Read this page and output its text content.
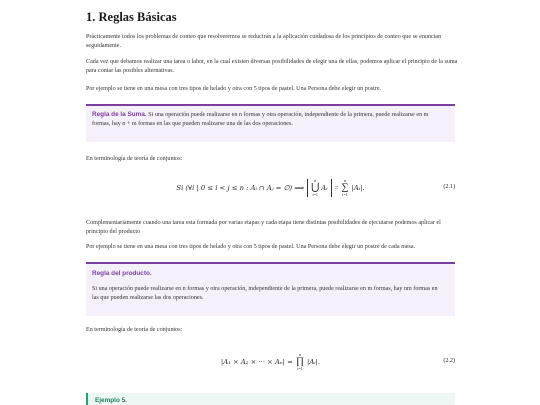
1. Reglas Básicas
Prácticamente todos los problemas de conteo que resolveremos se reducirán a la aplicación cuidadosa de los principios de conteo que se enuncian seguidamente.
Cada vez que debamos realizar una tarea o labor, en la cual existen diversas posibilidades de elegir una de ellas, podemos aplicar el principio de la suma para contar las posibles alternativas.
Por ejemplo se tiene en una mesa con tres tipos de helado y otra con 5 tipos de pastel. Una Persona debe elegir un postre.
Regla de la Suma. Si una operación puede realizarse en n formas y otra operación, independiente de la primera, puede realizarse en m formas, hay n + m formas en las que pueden realizarse una de las dos operaciones.
En terminología de teoría de conjuntos:
Si (∀i | 0 ≤ i < j ≤ n : Aᵢ ∩ Aⱼ = ∅) ⟹
n
⋃
i=1
Aᵢ =
n
∑
i=1
|Aᵢ|.	(2.1)
Complementariamente cuando una tarea esta formada por varias etapas y cada etapa tiene distintas posibilidades de ejecutarse podemos aplicar el principio del producto
Por ejemplo se tiene en una mesa con tres tipos de helado y otra con 5 tipos de pastel. Una Persona debe elegir un postre de cada mesa.
Regla del producto.
Si una operación puede realizarse en n formas y otra operación, independiente de la primera, puede realizarse en m formas, hay nm formas en las que pueden realizarse las dos operaciones.
En terminología de teoría de conjuntos:
|A₁ × A₂ × ··· × Aₙ| =
n
∏
i=1
|Aᵢ|.	(2.2)
Ejemplo 5.
